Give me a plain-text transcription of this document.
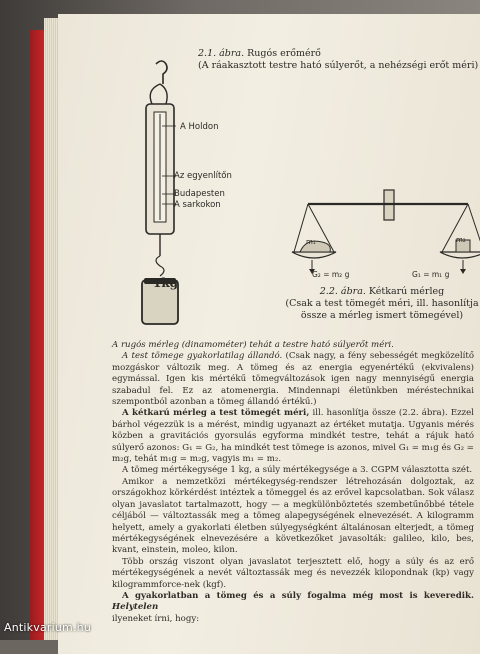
2.1. ábra. Rugós erőmérő
(A ráakasztott testre ható súlyerőt, a nehézségi erőt méri)
1kg
A Holdon
Az egyenlítőn
Budapesten
A sarkokon
m₁	m₂
G₂ = m₂ g	G₁ = m₁ g
2.2. ábra. Kétkarú mérleg
(Csak a test tömegét méri, ill. hasonlítja
össze a mérleg ismert tömegével)

A rugós mérleg (dinamométer) tehát a testre ható súlyerőt méri.

A test tömege gyakorlatilag állandó. (Csak nagy, a fény sebességét megközelítő mozgáskor változik meg. A tömeg és az energia egyenértékű (ekvivalens) egymással. Igen kis mértékű tömegváltozások igen nagy mennyiségű energia szabadul fel. Ez az atomenergia. Mindennapi életünkben méréstechnikai szempontból azonban a tömeg állandó értékű.)

A kétkarú mérleg a test tömegét méri, ill. hasonlítja össze (2.2. ábra). Ezzel bárhol végezzük is a mérést, mindig ugyanazt az értéket mutatja. Ugyanis mérés közben a gravitációs gyorsulás egyforma mindkét testre, tehát a rájuk ható súlyerő azonos: G₁ = G₂, ha mindkét test tömege is azonos, mivel G₁ = m₁g és G₂ = m₂g, tehát m₁g = m₂g, vagyis m₁ = m₂.

A tömeg mértékegysége 1 kg, a súly mértékegysége a 3. CGPM választotta szét.

Amikor a nemzetközi mértékegység-rendszer létrehozásán dolgoztak, az országokhoz körkérdést intéztek a tömeggel és az erővel kapcsolatban. Sok válasz olyan javaslatot tartalmazott, hogy — a megkülönböztetés szembetűnőbbé tétele céljából — változtassák meg a tömeg alapegységének elnevezését. A kilogramm helyett, amely a gyakorlati életben súlyegységként általánosan elterjedt, a tömeg mértékegységének elnevezésére a következőket javasolták: galileo, kilo, bes, kvant, einstein, moleo, kilon.

Több ország viszont olyan javaslatot terjesztett elő, hogy a súly és az erő mértékegységének a nevét változtassák meg és nevezzék kilopondnak (kp) vagy kilogrammforce-nek (kgf).

A gyakorlatban a tömeg és a súly fogalma még most is keveredik. Helytelen

ilyeneket írni, hogy:

Antikvarium.hu
